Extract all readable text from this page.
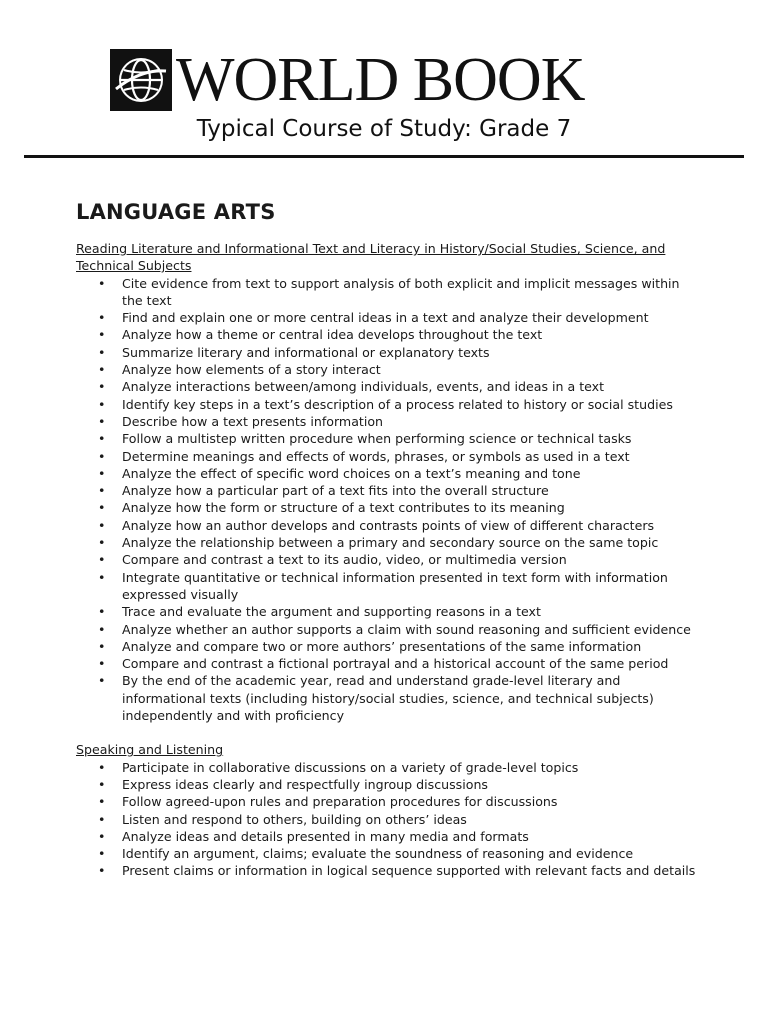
WORLD BOOK
Typical Course of Study: Grade 7
LANGUAGE ARTS
Reading Literature and Informational Text and Literacy in History/Social Studies, Science, and Technical Subjects
• Cite evidence from text to support analysis of both explicit and implicit messages within the text
• Find and explain one or more central ideas in a text and analyze their development
• Analyze how a theme or central idea develops throughout the text
• Summarize literary and informational or explanatory texts
• Analyze how elements of a story interact
• Analyze interactions between/among individuals, events, and ideas in a text
• Identify key steps in a text’s description of a process related to history or social studies
• Describe how a text presents information
• Follow a multistep written procedure when performing science or technical tasks
• Determine meanings and effects of words, phrases, or symbols as used in a text
• Analyze the effect of specific word choices on a text’s meaning and tone
• Analyze how a particular part of a text fits into the overall structure
• Analyze how the form or structure of a text contributes to its meaning
• Analyze how an author develops and contrasts points of view of different characters
• Analyze the relationship between a primary and secondary source on the same topic
• Compare and contrast a text to its audio, video, or multimedia version
• Integrate quantitative or technical information presented in text form with information expressed visually
• Trace and evaluate the argument and supporting reasons in a text
• Analyze whether an author supports a claim with sound reasoning and sufficient evidence
• Analyze and compare two or more authors’ presentations of the same information
• Compare and contrast a fictional portrayal and a historical account of the same period
• By the end of the academic year, read and understand grade-level literary and informational texts (including history/social studies, science, and technical subjects) independently and with proficiency
Speaking and Listening
• Participate in collaborative discussions on a variety of grade-level topics
• Express ideas clearly and respectfully ingroup discussions
• Follow agreed-upon rules and preparation procedures for discussions
• Listen and respond to others, building on others’ ideas
• Analyze ideas and details presented in many media and formats
• Identify an argument, claims; evaluate the soundness of reasoning and evidence
• Present claims or information in logical sequence supported with relevant facts and details
